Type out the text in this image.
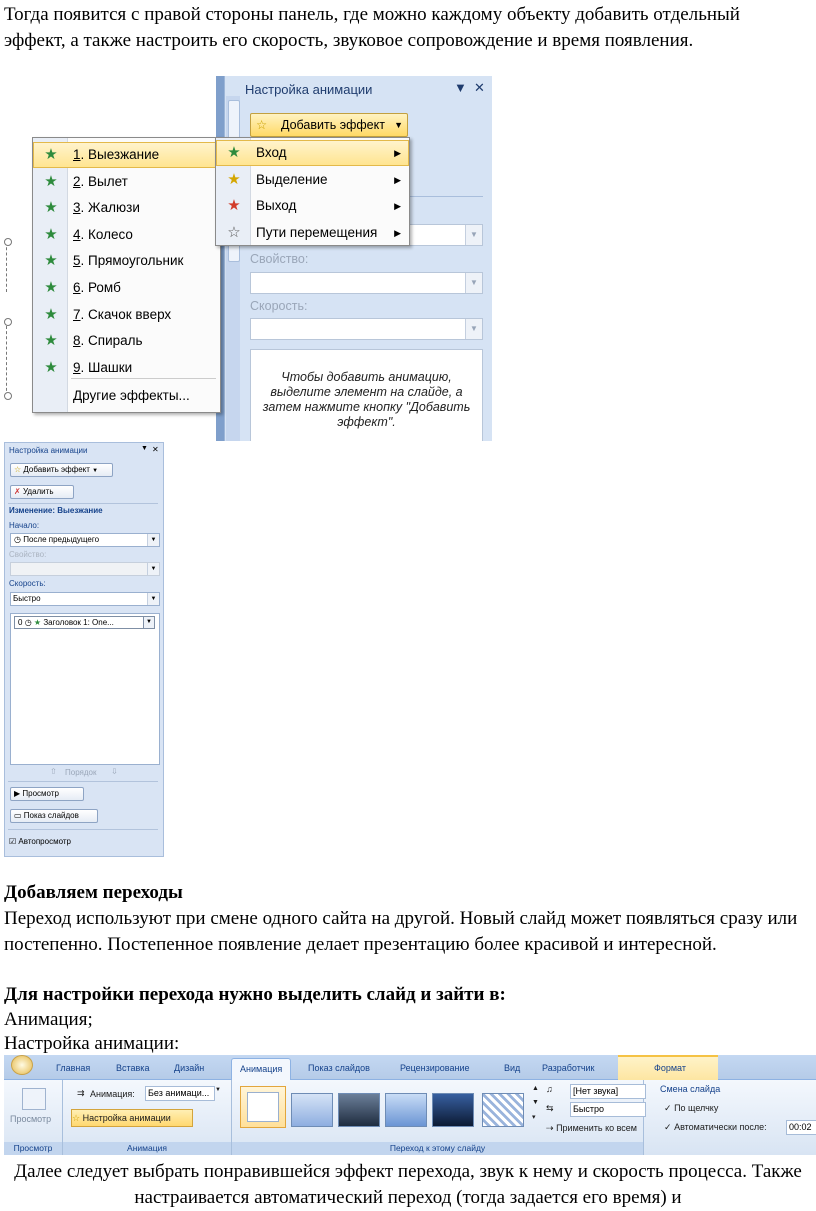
Тогда появится с правой стороны панель, где можно каждому объекту добавить отдельный эффект, а также настроить его скорость, звуковое сопровождение и время появления.

Настройка анимации	▼ ✕
☆ Добавить эффект ▼
▼
Свойство:
▼
Скорость:
▼
Чтобы добавить анимацию, выделите элемент на слайде, а затем нажмите кнопку "Добавить эффект".
★ 1. Выезжание
★ 2. Вылет
★ 3. Жалюзи
★ 4. Колесо
★ 5. Прямоугольник
★ 6. Ромб
★ 7. Скачок вверх
★ 8. Спираль
★ 9. Шашки
Другие эффекты...
★ Вход	▶
★ Выделение	▶
★ Выход	▶
☆ Пути перемещения ▶
Настройка анимации	▼ ✕
☆ Добавить эффект ▼
✗ Удалить
Изменение: Выезжание
Начало:
◷ После предыдущего	▼
Свойство:
▼
Скорость:
Быстро	▼
0 ◷ ★ Заголовок 1: One...	▼
⇧ Порядок ⇩
▶ Просмотр
▭ Показ слайдов
☑ Автопросмотр

Добавляем переходы

Переход используют при смене одного сайта на другой. Новый слайд может появляться сразу или постепенно. Постепенное появление делает презентацию более красивой и интересной.

Для настройки перехода нужно выделить слайд и зайти в:

Анимация;

Настройка анимации:

Главная	Вставка	Дизайн	Анимация	Показ слайдов	Рецензирование	Вид Разработчик	Формат
Просмотр
Просмотр
⇉ Анимация:	Без анимаци... ▼
☆ Настройка анимации
Анимация	Переход к этому слайду
▲
▼
▾
♫	[Нет звука]
⇆	Быстро
⇢ Применить ко всем
Смена слайда
✓ По щелчку
✓ Автоматически после:	00:02

Далее следует выбрать понравившейся эффект перехода, звук к нему и скорость процесса. Также настраивается автоматический переход (тогда задается его время) и
